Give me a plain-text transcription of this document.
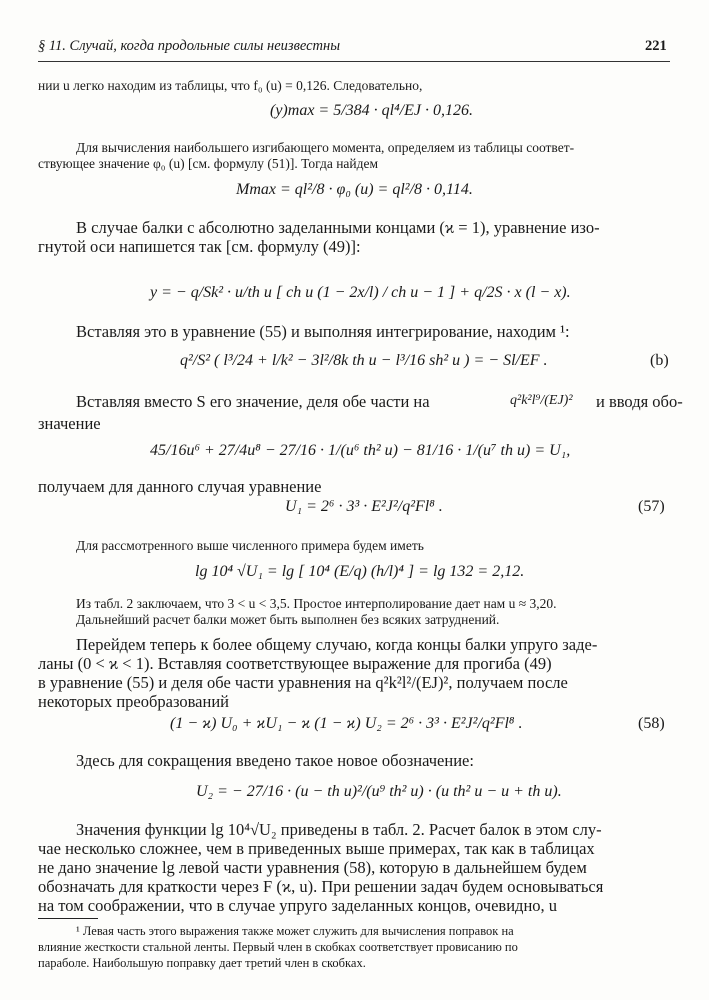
§ 11. Случай, когда продольные силы неизвестны	221
нии u легко находим из таблицы, что f₀ (u) = 0,126. Следовательно,
(y)max = 5/384 · ql⁴/EJ · 0,126.
Для вычисления наибольшего изгибающего момента, определяем из таблицы соответ-
ствующее значение φ₀ (u) [см. формулу (51)]. Тогда найдем
Mmax = ql²/8 · φ₀ (u) = ql²/8 · 0,114.
В случае балки с абсолютно заделанными концами (ϰ = 1), уравнение изо-
гнутой оси напишется так [см. формулу (49)]:
y = − q/Sk² · u/th u [ ch u (1 − 2x/l) / ch u − 1 ] + q/2S · x (l − x).
Вставляя это в уравнение (55) и выполняя интегрирование, находим ¹:
q²/S² ( l³/24 + l/k² − 3l²/8k th u − l³/16 sh² u ) = − Sl/EF .	(b)
Вставляя вместо S его значение, деля обе части на	q²k²l⁹/(EJ)² и вводя обо-
значение
45/16u⁶ + 27/4u⁸ − 27/16 · 1/(u⁶ th² u) − 81/16 · 1/(u⁷ th u) = U₁,
получаем для данного случая уравнение
U₁ = 2⁶ · 3³ · E²J²/q²Fl⁸ .	(57)
Для рассмотренного выше численного примера будем иметь
lg 10⁴ √U₁ = lg [ 10⁴ (E/q) (h/l)⁴ ] = lg 132 = 2,12.
Из табл. 2 заключаем, что 3 < u < 3,5. Простое интерполирование дает нам u ≈ 3,20.
Дальнейший расчет балки может быть выполнен без всяких затруднений.
Перейдем теперь к более общему случаю, когда концы балки упруго заде-
ланы (0 < ϰ < 1). Вставляя соответствующее выражение для прогиба (49)
в уравнение (55) и деля обе части уравнения на q²k²l²/(EJ)², получаем после
некоторых преобразований
(1 − ϰ) U₀ + ϰU₁ − ϰ (1 − ϰ) U₂ = 2⁶ · 3³ · E²J²/q²Fl⁸ .	(58)
Здесь для сокращения введено такое новое обозначение:
U₂ = − 27/16 · (u − th u)²/(u⁹ th² u) · (u th² u − u + th u).
Значения функции lg 10⁴√U₂ приведены в табл. 2. Расчет балок в этом слу-
чае несколько сложнее, чем в приведенных выше примерах, так как в таблицах
не дано значение lg левой части уравнения (58), которую в дальнейшем будем
обозначать для краткости через F (ϰ, u). При решении задач будем основываться
на том соображении, что в случае упруго заделанных концов, очевидно, u
¹ Левая часть этого выражения также может служить для вычисления поправок на
влияние жесткости стальной ленты. Первый член в скобках соответствует провисанию по
параболе. Наибольшую поправку дает третий член в скобках.
